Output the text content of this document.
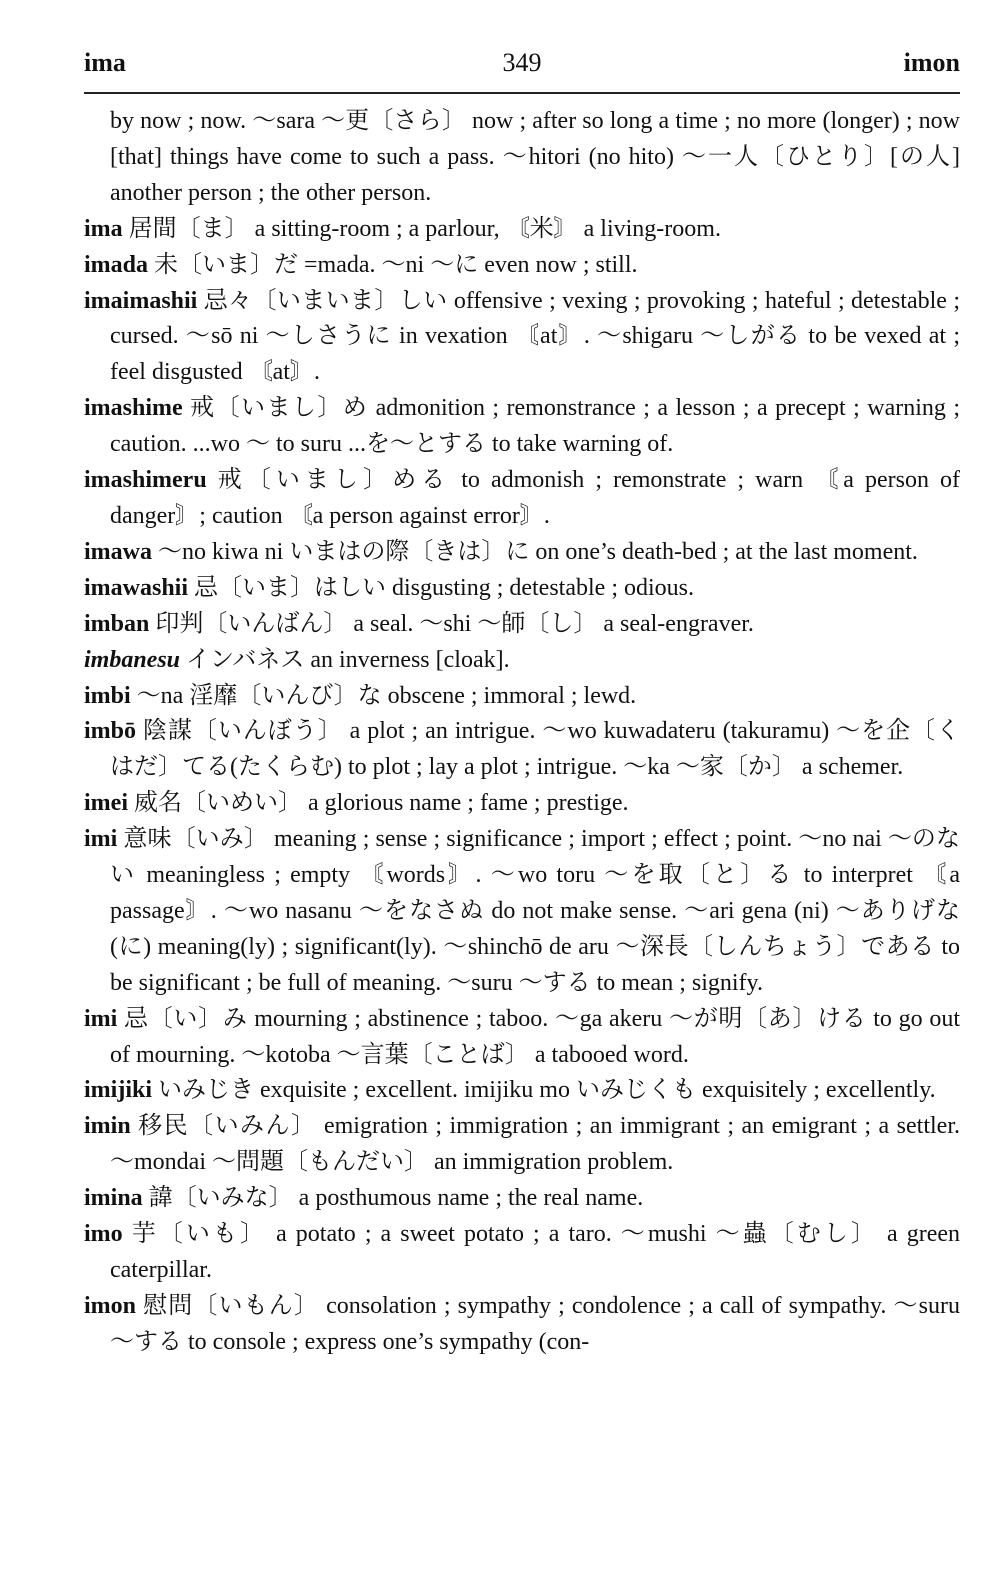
ima	349	imon
by now ; now. ～sara ～更〔さら〕 now ; after so long a time ; no more (longer) ; now [that] things have come to such a pass. ～hitori (no hito) ～一人〔ひとり〕[の人] another person ; the other person.
ima 居間〔ま〕 a sitting-room ; a parlour, 〘米〙 a living-room.
imada 未〔いま〕だ =mada. ～ni ～に even now ; still.
imaimashii 忌々〔いまいま〕しい offensive ; vexing ; provoking ; hateful ; detestable ; cursed. ～sō ni ～しさうに in vexation 〘at〙. ～shigaru ～しがる to be vexed at ; feel disgusted 〘at〙.
imashime 戒〔いまし〕め admonition ; remonstrance ; a lesson ; a precept ; warning ; caution. ...wo ～ to suru ...を～とする to take warning of.
imashimeru 戒〔いまし〕める to admonish ; remonstrate ; warn 〘a person of danger〙; caution 〘a person against error〙.
imawa ～no kiwa ni いまはの際〔きは〕に on one’s death-bed ; at the last moment.
imawashii 忌〔いま〕はしい disgusting ; detestable ; odious.
imban 印判〔いんばん〕 a seal. ～shi ～師〔し〕 a seal-engraver.
imbanesu インバネス an inverness [cloak].
imbi ～na 淫靡〔いんび〕な obscene ; immoral ; lewd.
imbō 陰謀〔いんぼう〕 a plot ; an intrigue. ～wo kuwadateru (takuramu) ～を企〔くはだ〕てる(たくらむ) to plot ; lay a plot ; intrigue. ～ka ～家〔か〕 a schemer.
imei 威名〔いめい〕 a glorious name ; fame ; prestige.
imi 意味〔いみ〕 meaning ; sense ; significance ; import ; effect ; point. ～no nai ～のない meaningless ; empty 〘words〙. ～wo toru ～を取〔と〕る to interpret 〘a passage〙. ～wo nasanu ～をなさぬ do not make sense. ～ari gena (ni) ～ありげな(に) meaning(ly) ; significant(ly). ～shinchō de aru ～深長〔しんちょう〕である to be significant ; be full of meaning. ～suru ～する to mean ; signify.
imi 忌〔い〕み mourning ; abstinence ; taboo. ～ga akeru ～が明〔あ〕ける to go out of mourning. ～kotoba ～言葉〔ことば〕 a tabooed word.
imijiki いみじき exquisite ; excellent. imijiku mo いみじくも exquisitely ; excellently.
imin 移民〔いみん〕 emigration ; immigration ; an immigrant ; an emigrant ; a settler. ～mondai ～問題〔もんだい〕 an immigration problem.
imina 諱〔いみな〕 a posthumous name ; the real name.
imo 芋〔いも〕 a potato ; a sweet potato ; a taro. ～mushi ～蟲〔むし〕 a green caterpillar.
imon 慰問〔いもん〕 consolation ; sympathy ; condolence ; a call of sympathy. ～suru ～する to console ; express one’s sympathy (con-
